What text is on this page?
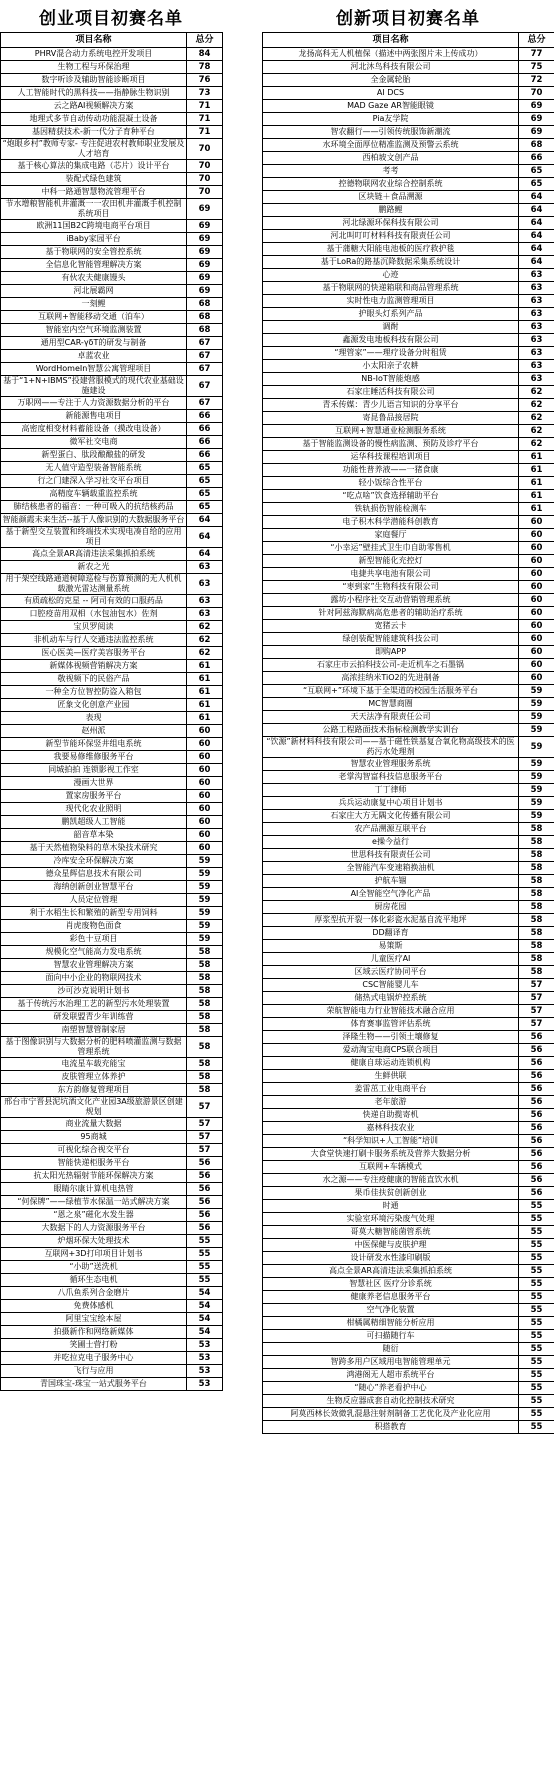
创业项目初赛名单
项目名称	总分
PHRV混合动力系统电控开发项目	84
生物工程与环保治理	78
数字听诊及辅助智能诊断项目	76
人工智能时代的黑科技——指静脉生物识别	73
云之路AI视频解决方案	71
地理式多节自动传动功能混凝土设备	71
基因精获技术-新一代分子育种平台	71
“炮眼乡村”教师专家- 专注促进农村教师职业发展及人才培育	70
基于核心算法的集成电路（芯片）设计平台	70
装配式绿色建筑	70
中科一路通智慧物流管理平台	70
节水增粮智能机井灌溉一一农田机井灌溉手机控制系统项目	69
欧洲11国B2C跨境电商平台项目	69
iBaby家园平台	69
基于物联网的安全管控系统	69
全信息化智能管理解决方案	69
有伙农夫健康馒头	69
河北展霸网	69
一刻鲤	68
互联网+智能移动交通（泊车）	68
智能室内空气环境监测装置	68
通用型CAR-γδT的研发与制备	67
卓蓝农业	67
WordHomeIn智慧公寓管理项目	67
基于“1+N+IBMS”投建营服模式的现代农业基础设施建设	67
万职网——专注于人力资源数据分析的平台	67
新能源售电项目	66
高密度相变材料蓄能设备（摸改电设备）	66
微军社交电商	66
新型蛋白、肽段酿酿盐的研发	66
无人值守造型装备智能系统	65
行之门建深入学习社交平台项目	65
高精度车辆载重监控系统	65
肺结核患者的福音：一种可吸入的抗结核药品	65
智能颜霞未来生活--基于人像识别的大数据服务平台	64
基于新型交互装置和终端技术实现电凑自给的应用项目	64
高点全景AR高清违法采集抓拍系统	64
新农之光	63
用于架空线路通道树障巡检与伤算预测的无人机机载激光雷达测量系统	63
有质疏松的克星 -- 阿司有效的口服药品	63
口腔疫苗用双相（水包油包水）佐剂	63
宝贝罗阅读	62
非机动车与行人交通违法监控系统	62
医心医美—医疗美容服务平台	62
新媒体视频营销解决方案	61
敬视频下的民俗产品	61
一种全方位智控防盗入箱包	61
匠象文化创意产业园	61
表现	61
赵州派	60
新型节能环保竖井组电系统	60
我要易修维修服务平台	60
同城拍拍 连锁影视工作室	60
漫画大世界	60
置家房服务平台	60
现代化农业照明	60
鹏凯超级人工智能	60
韶音草本染	60
基于天然植物染料的草木染技术研究	60
冷库安全环保解决方案	59
德众星辉信息技术有限公司	59
海纳创新创业智慧平台	59
人员定位管理	59
利于水稻生长和繁殖的新型专用饲料	59
肖虎废物色面食	59
彩色十豆项目	59
规模化空气能高力发电系统	58
智慧农业管理解决方案	58
面向中小企业的物联网技术	58
沙可沙克说明计划书	58
基于传统污水治理工艺的新型污水处理装置	58
研发联盟青少年训练营	58
南塑智慧管制家居	58
基于图像识别与大数据分析的肥料喷灌监测与数据管理系统	58
电流星车载充能宝	58
皮肤管理立体养护	58
东方韵修复管理项目	58
邢台市宁晋县泥坑酒文化产业园3A级旅游景区创建规划	57
商业流量大数据	57
95商城	57
可视化综合视交平台	57
智能快递柜服务平台	56
抗太阳光热辐射节能环保解决方案	56
眼睛尔康计算机电热管	56
“何保牌”——绿植节水保温一站式解决方案	56
“恩之泉”磁化水发生器	56
大数据下的人力资源服务平台	56
炉烟环保大处理技术	55
互联网+3D打印项目计划书	55
“小助”送洗机	55
循环生态电机	55
八爪鱼系列合金磨片	54
免费体感机	54
阿里宝宝绘本屋	54
拍摄新作和网络新媒体	54
笑圃士营打粉	53
并吃拉克电子服务中心	53
飞行与应用	53
青国珠宝-珠宝一站式服务平台	53
创新项目初赛名单
项目名称	总分
龙扬高科无人机植保（描述中两张图片未上传成功）	77
河北沐鸟科技有限公司	75
全金属轮胎	72
AI DCS	70
MAD Gaze AR智能眼镜	69
Pia友学院	69
智农翻行——引领传统服饰新潮流	69
水环境全面厚位精准监测及预警云系统	68
西柏坡文创产品	66
考考	65
控德物联网农业综合控制系统	65
区块链＋食品溯源	64
鹏路鲤	64
河北绿源环保科技有限公司	64
河北叫叮叮材料科技有限责任公司	64
基于蒲糖大阳能电池板的医疗救护毯	64
基于LoRa的路基沉降数据采集系统设计	64
心迹	63
基于物联网的快递箱联和商品管理系统	63
实时性电力监测管理项目	63
护眼头灯系列产品	63
调酎	63
鑫源发电地板科技有限公司	63
“理管家”——理疗设备分时租赁	63
小太阳亲子农耕	63
NB-IoT智能炮感	63
石家庄睡活科技有限公司	62
青禾传媒：青少儿语言知识的分享平台	62
寄昆鲁品接居院	62
互联网+智慧通业检测服务系统	62
基于智能监测设备的慢性病监测、预防及诊疗平台	62
运华科技课程培训项目	61
功能性普养液——一猪食康	61
轻小饭综合性平台	61
“吃点啥”饮食选择辅助平台	61
铁轨损伤智能检测车	61
电子积木科学潜能科创教育	60
家庭餐厅	60
“小幸运”壁挂式卫生巾自助零售机	60
新型智能化充控灯	60
电捷共享电池有限公司	60
“枣到家”生物科技有限公司	60
露坊小程序社交互动营销管理系统	60
针对阿兹海默病高危患者的辅助治疗系统	60
宽猪云卡	60
绿创装配智能建筑科技公司	60
即购APP	60
石家庄市云拍科技公司-走近机车之石墨锅	60
高浓挂纳米TiO2的先进制备	60
“互联网+”环境下基于全渠道的校园生活服务平台	59
MC智慧商圈	59
天天法净有限责任公司	59
公路工程路面技术指标检测教学实训台	59
“饮源”新材料科技有限公司——基于磁性铁基复合氧化物高级技术的医药污水处理剂	59
智慧农业管理服务系统	59
老掌沟智富科技信息服务平台	59
丁丁律师	59
兵兵运动康复中心项目计划书	59
石家庄大方无隅文化传播有限公司	59
农产品溯源互联平台	58
e操今益行	58
世思科技有限责任公司	58
全智能汽车变速箱换油机	58
护航车锢	58
AI全智能空气净化产品	58
厨房花园	58
厚浆型抗开裂一体化彩瓷水泥基自流平地坪	58
DD翻译育	58
易策斯	58
儿童医疗AI	58
区域云医疗协同平台	58
CSC智能婴儿车	57
储热式电锅炉控系统	57
荣航智能电力行业智能技术融合应用	57
体育赛事监管评估系统	57
泽隆生物——引领土壤修复	56
爱动淘宝电商CPS联合项目	56
健康自球运动连锁机构	56
生鲜供联	56
姜雷茁工业电商平台	56
老年旅游	56
快递自助揽寄机	56
嘉林科技农业	56
“科学知识+人工智能”培训	56
大食堂快速打刷卡服务系统及营养大数据分析	56
互联网+车辆模式	56
水之源——专注疫健康的智能直饮水机	56
果币佳扶贫创新创业	56
时通	55
实验室环境污染废气处理	55
哥莫大糖智能菌管系统	55
中医保健与皮肤护理	55
设计研发水性漆印刷版	55
高点全景AR高清违法采集抓拍系统	55
智慧社区 医疗分诊系统	55
健康养老信息服务平台	55
空气净化装置	55
柑橘属精细智能分析应用	55
可扫描随行车	55
随衍	55
智跨多用户区域用电智能管理单元	55
鸿港阁无人超市系统平台	55
“随心”养老看护中心	55
生物反应器成套自动化控制技术研究	55
阿莫西林长效微乳混悬注射剂制备工艺优化及产业化应用	55
积搭教育	55
